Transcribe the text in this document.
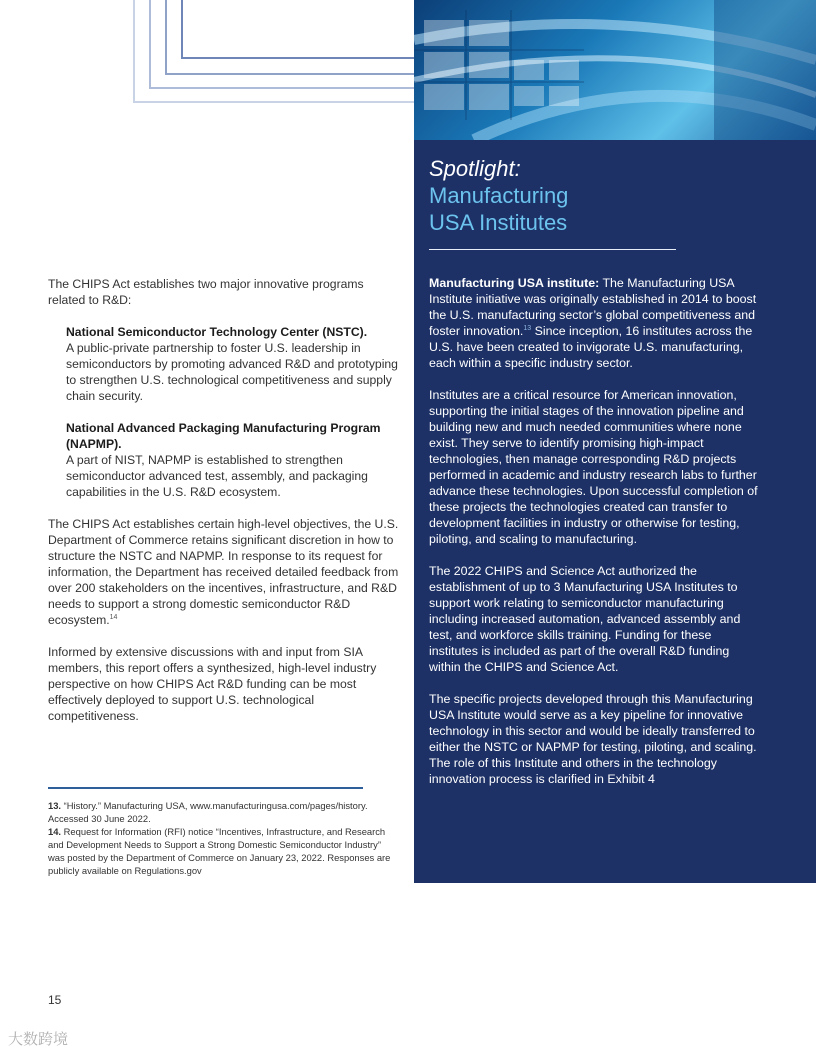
Spotlight:
Manufacturing
USA Institutes

Manufacturing USA institute: The Manufacturing USA Institute initiative was originally established in 2014 to boost the U.S. manufacturing sector’s global competitiveness and foster innovation.$^{13}$ Since inception, 16 institutes across the U.S. have been created to invigorate U.S. manufacturing, each within a specific industry sector.

Institutes are a critical resource for American innovation, supporting the initial stages of the innovation pipeline and building new and much needed communities where none exist. They serve to identify promising high-impact technologies, then manage corresponding R&D projects performed in academic and industry research labs to further advance these technologies. Upon successful completion of these projects the technologies created can transfer to development facilities in industry or otherwise for testing, piloting, and scaling to manufacturing.

The 2022 CHIPS and Science Act authorized the establishment of up to 3 Manufacturing USA Institutes to support work relating to semiconductor manufacturing including increased automation, advanced assembly and test, and workforce skills training. Funding for these institutes is included as part of the overall R&D funding within the CHIPS and Science Act.

The specific projects developed through this Manufacturing USA Institute would serve as a key pipeline for innovative technology in this sector and would be ideally transferred to either the NSTC or NAPMP for testing, piloting, and scaling. The role of this Institute and others in the technology innovation process is clarified in Exhibit 4

The CHIPS Act establishes two major innovative programs related to R&D:

National Semiconductor Technology Center (NSTC).
A public-private partnership to foster U.S. leadership in semiconductors by promoting advanced R&D and prototyping to strengthen U.S. technological competitiveness and supply chain security.

National Advanced Packaging Manufacturing Program (NAPMP).
A part of NIST, NAPMP is established to strengthen semiconductor advanced test, assembly, and packaging capabilities in the U.S. R&D ecosystem.

The CHIPS Act establishes certain high-level objectives, the U.S. Department of Commerce retains significant discretion in how to structure the NSTC and NAPMP. In response to its request for information, the Department has received detailed feedback from over 200 stakeholders on the incentives, infrastructure, and R&D needs to support a strong domestic semiconductor R&D ecosystem.$^{14}$

Informed by extensive discussions with and input from SIA members, this report offers a synthesized, high-level industry perspective on how CHIPS Act R&D funding can be most effectively deployed to support U.S. technological competitiveness.

13. “History.” Manufacturing USA, www.manufacturingusa.com/pages/history. Accessed 30 June 2022.
14. Request for Information (RFI) notice “Incentives, Infrastructure, and Research and Development Needs to Support a Strong Domestic Semiconductor Industry” was posted by the Department of Commerce on January 23, 2022. Responses are publicly available on Regulations.gov
15
大数跨境
